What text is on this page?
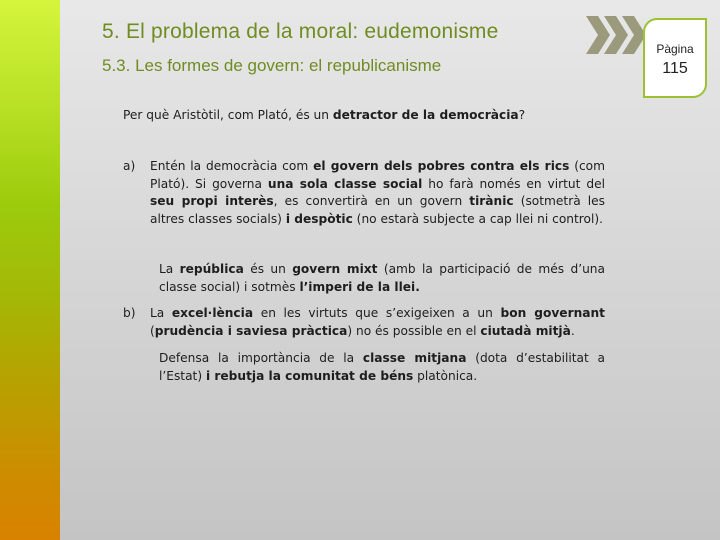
5. El problema de la moral: eudemonisme
5.3. Les formes de govern: el republicanisme
Pàgina
115
Per què Aristòtil, com Plató, és un detractor de la democràcia?
a) Entén la democràcia com el govern dels pobres contra els rics (com Plató). Si governa una sola classe social ho farà només en virtut del seu propi interès, es convertirà en un govern tirànic (sotmetrà les altres classes socials) i despòtic (no estarà subjecte a cap llei ni control).
La república és un govern mixt (amb la participació de més d’una classe social) i sotmès l’imperi de la llei.
b) La excel·lència en les virtuts que s’exigeixen a un bon governant (prudència i saviesa pràctica) no és possible en el ciutadà mitjà.
Defensa la importància de la classe mitjana (dota d’estabilitat a l’Estat) i rebutja la comunitat de béns platònica.
